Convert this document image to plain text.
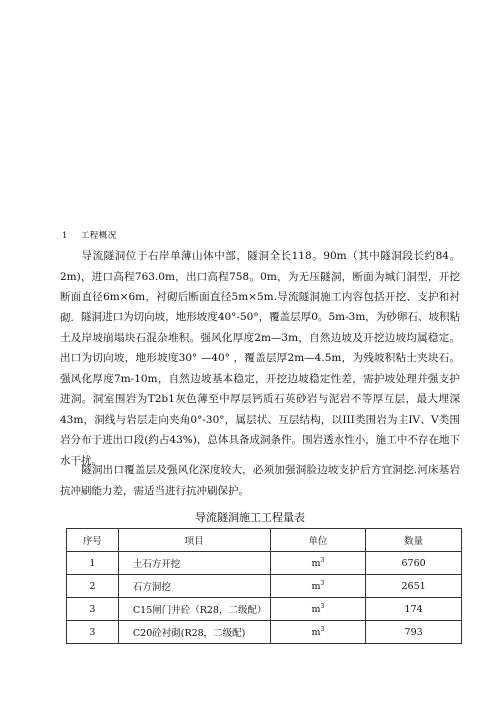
1 工程概况

  导流隧洞位于右岸单薄山体中部，隧洞全长118。90m（其中隧洞段长约84。2m)，进口高程763.0m，出口高程758。0m，为无压隧洞，断面为城门洞型，开挖断面直径6m×6m，衬砌后断面直径5m×5m.导流隧洞施工内容包括开挖、支护和衬砌.

   隧洞进口为切向坡，地形坡度40°-50°，覆盖层厚0。5m-3m，为砂卵石、坡积粘土及岸坡崩塌块石混杂堆积。强风化厚度2m—3m，自然边坡及开挖边坡均属稳定。出口为切向坡，地形坡度30° —40° ，覆盖层厚2m—4.5m，为残坡积粘土夹块石。强风化厚度7m-10m，自然边坡基本稳定，开挖边坡稳定性差，需护坡处理并强支护进洞。洞室围岩为T2b1灰色薄至中厚层钙质石英砂岩与泥岩不等厚互层，最大埋深43m，洞线与岩层走向夹角0°-30°，属层状、互层结构，以III类围岩为主IV、V类围岩分布于进出口段(约占43%)，总体具备成洞条件。围岩透水性小，施工中不存在地下水干扰。

  隧洞出口覆盖层及强风化深度较大，必须加强洞脸边坡支护后方宜洞挖.河床基岩抗冲刷能力差，需适当进行抗冲刷保护。

导流隧洞施工工程量表
序号	项目	单位	数量
1	土石方开挖	$m^3$	6760
2	石方洞挖	$m^3$	2651
3	C15闸门井砼（R28，二级配）	$m^3$	174
3	C20砼衬砌(R28，二级配)	$m^3$	793
